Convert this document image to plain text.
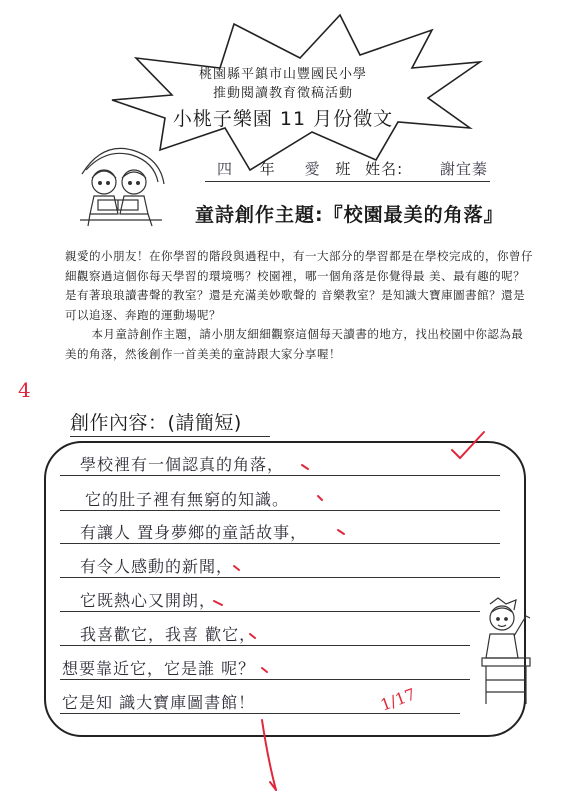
桃園縣平鎮市山豐國民小學
推動閱讀教育徵稿活動
小桃子樂園 11 月份徵文
四 年 愛 班 姓名: 謝宜蓁
童詩創作主題:『校園最美的角落』
親愛的小朋友！在你學習的階段與過程中，有一大部分的學習都是在學校完成的，你曾仔細觀察過這個你每天學習的環境嗎？校園裡，哪一個角落是你覺得最 美、最有趣的呢？是有著琅琅讀書聲的教室？還是充滿美妙歌聲的 音樂教室？是知識大寶庫圖書館？還是可以追逐、奔跑的運動場呢？
本月童詩創作主題，請小朋友細細觀察這個每天讀書的地方，找出校園中你認為最美的角落，然後創作一首美美的童詩跟大家分享喔！
4
創作內容：(請簡短)
學校裡有一個認真的角落，
它的肚子裡有無窮的知識。
有讓人 置身夢鄉的童話故事，
有令人感動的新聞，
它既熱心又開朗，
我喜歡它，我喜 歡它，
想要靠近它，它是誰 呢？
它是知 識大寶庫圖書館！	1/17
